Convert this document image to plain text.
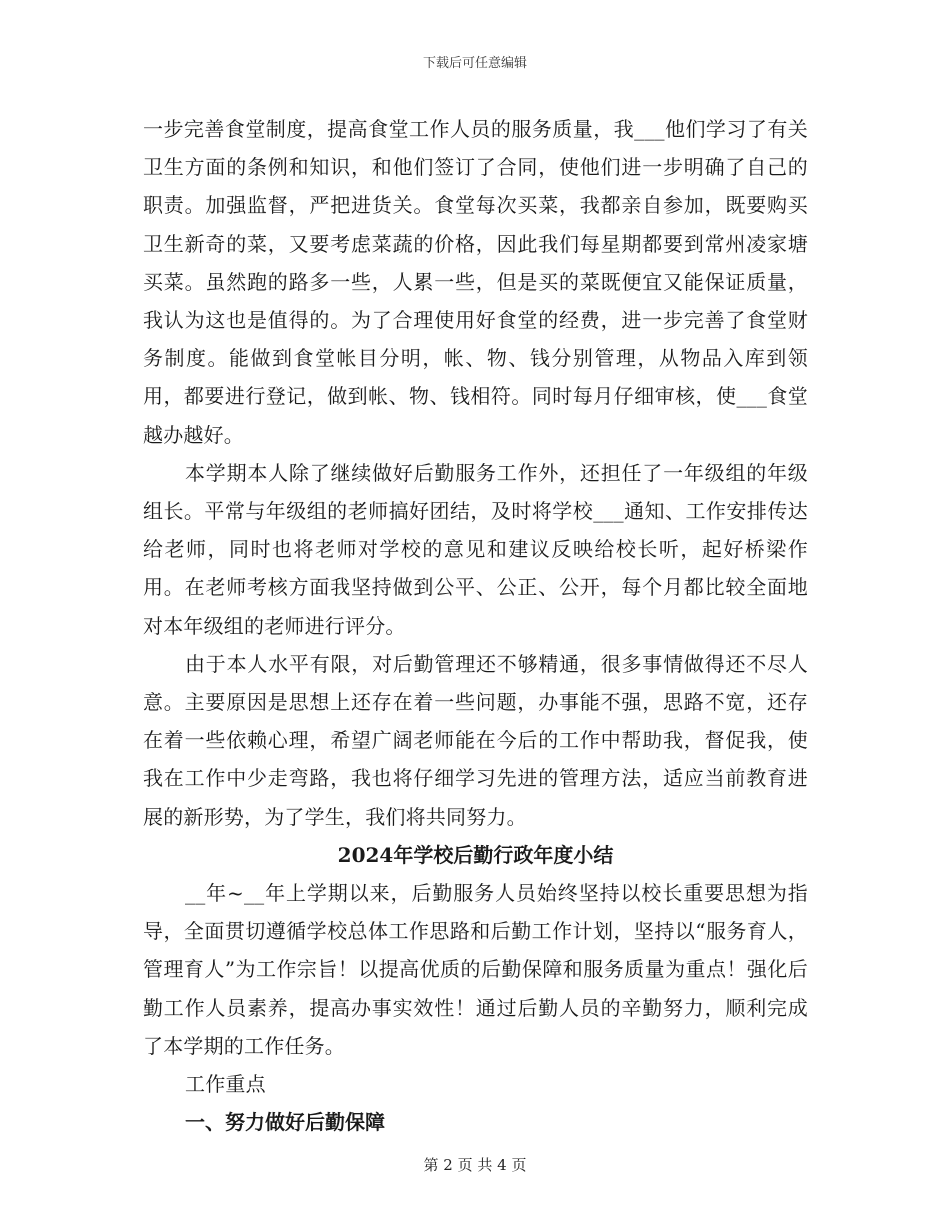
下载后可任意编辑

一步完善食堂制度，提高食堂工作人员的服务质量，我___他们学习了有关卫生方面的条例和知识，和他们签订了合同，使他们进一步明确了自己的职责。加强监督，严把进货关。食堂每次买菜，我都亲自参加，既要购买卫生新奇的菜，又要考虑菜蔬的价格，因此我们每星期都要到常州凌家塘买菜。虽然跑的路多一些，人累一些，但是买的菜既便宜又能保证质量，我认为这也是值得的。为了合理使用好食堂的经费，进一步完善了食堂财务制度。能做到食堂帐目分明，帐、物、钱分别管理，从物品入库到领用，都要进行登记，做到帐、物、钱相符。同时每月仔细审核，使___食堂越办越好。

本学期本人除了继续做好后勤服务工作外，还担任了一年级组的年级组长。平常与年级组的老师搞好团结，及时将学校___通知、工作安排传达给老师，同时也将老师对学校的意见和建议反映给校长听，起好桥梁作用。在老师考核方面我坚持做到公平、公正、公开，每个月都比较全面地对本年级组的老师进行评分。

由于本人水平有限，对后勤管理还不够精通，很多事情做得还不尽人意。主要原因是思想上还存在着一些问题，办事能不强，思路不宽，还存在着一些依赖心理，希望广阔老师能在今后的工作中帮助我，督促我，使我在工作中少走弯路，我也将仔细学习先进的管理方法，适应当前教育进展的新形势，为了学生，我们将共同努力。

2024年学校后勤行政年度小结

__年~__年上学期以来，后勤服务人员始终坚持以校长重要思想为指导，全面贯切遵循学校总体工作思路和后勤工作计划，坚持以“服务育人，管理育人”为工作宗旨！以提高优质的后勤保障和服务质量为重点！强化后勤工作人员素养，提高办事实效性！通过后勤人员的辛勤努力，顺利完成了本学期的工作任务。

工作重点

一、努力做好后勤保障

第 2 页 共 4 页
